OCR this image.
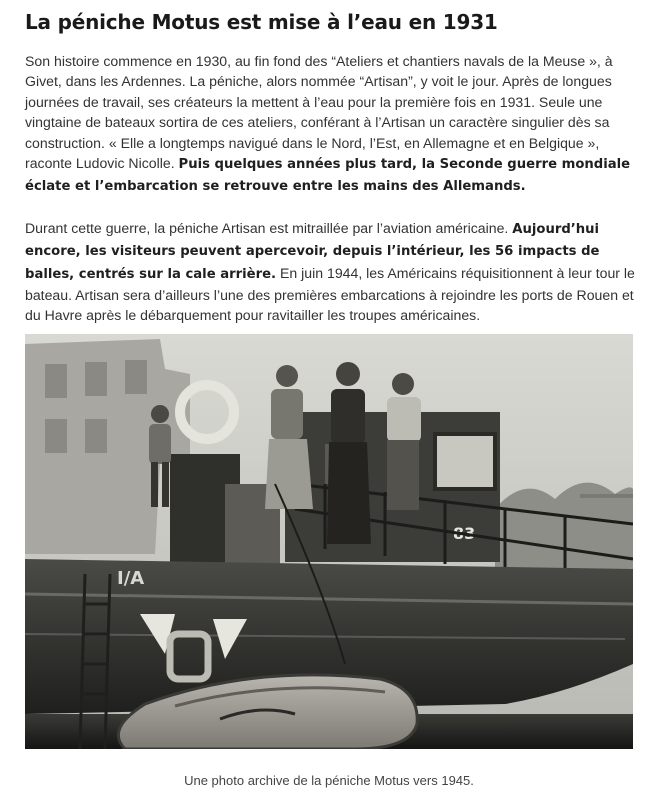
La péniche Motus est mise à l’eau en 1931

Son histoire commence en 1930, au fin fond des “Ateliers et chantiers navals de la Meuse », à Givet, dans les Ardennes. La péniche, alors nommée “Artisan”, y voit le jour. Après de longues journées de travail, ses créateurs la mettent à l’eau pour la première fois en 1931. Seule une vingtaine de bateaux sortira de ces ateliers, conférant à l’Artisan un caractère singulier dès sa construction. « Elle a longtemps navigué dans le Nord, l’Est, en Allemagne et en Belgique », raconte Ludovic Nicolle. Puis quelques années plus tard, la Seconde guerre mondiale éclate et l’embarcation se retrouve entre les mains des Allemands.

Durant cette guerre, la péniche Artisan est mitraillée par l’aviation américaine. Aujourd’hui encore, les visiteurs peuvent apercevoir, depuis l’intérieur, les 56 impacts de balles, centrés sur la cale arrière. En juin 1944, les Américains réquisitionnent à leur tour le bateau. Artisan sera d’ailleurs l’une des premières embarcations à rejoindre les ports de Rouen et du Havre après le débarquement pour ravitailler les troupes américaines.

83
I/A
Une photo archive de la péniche Motus vers 1945.
